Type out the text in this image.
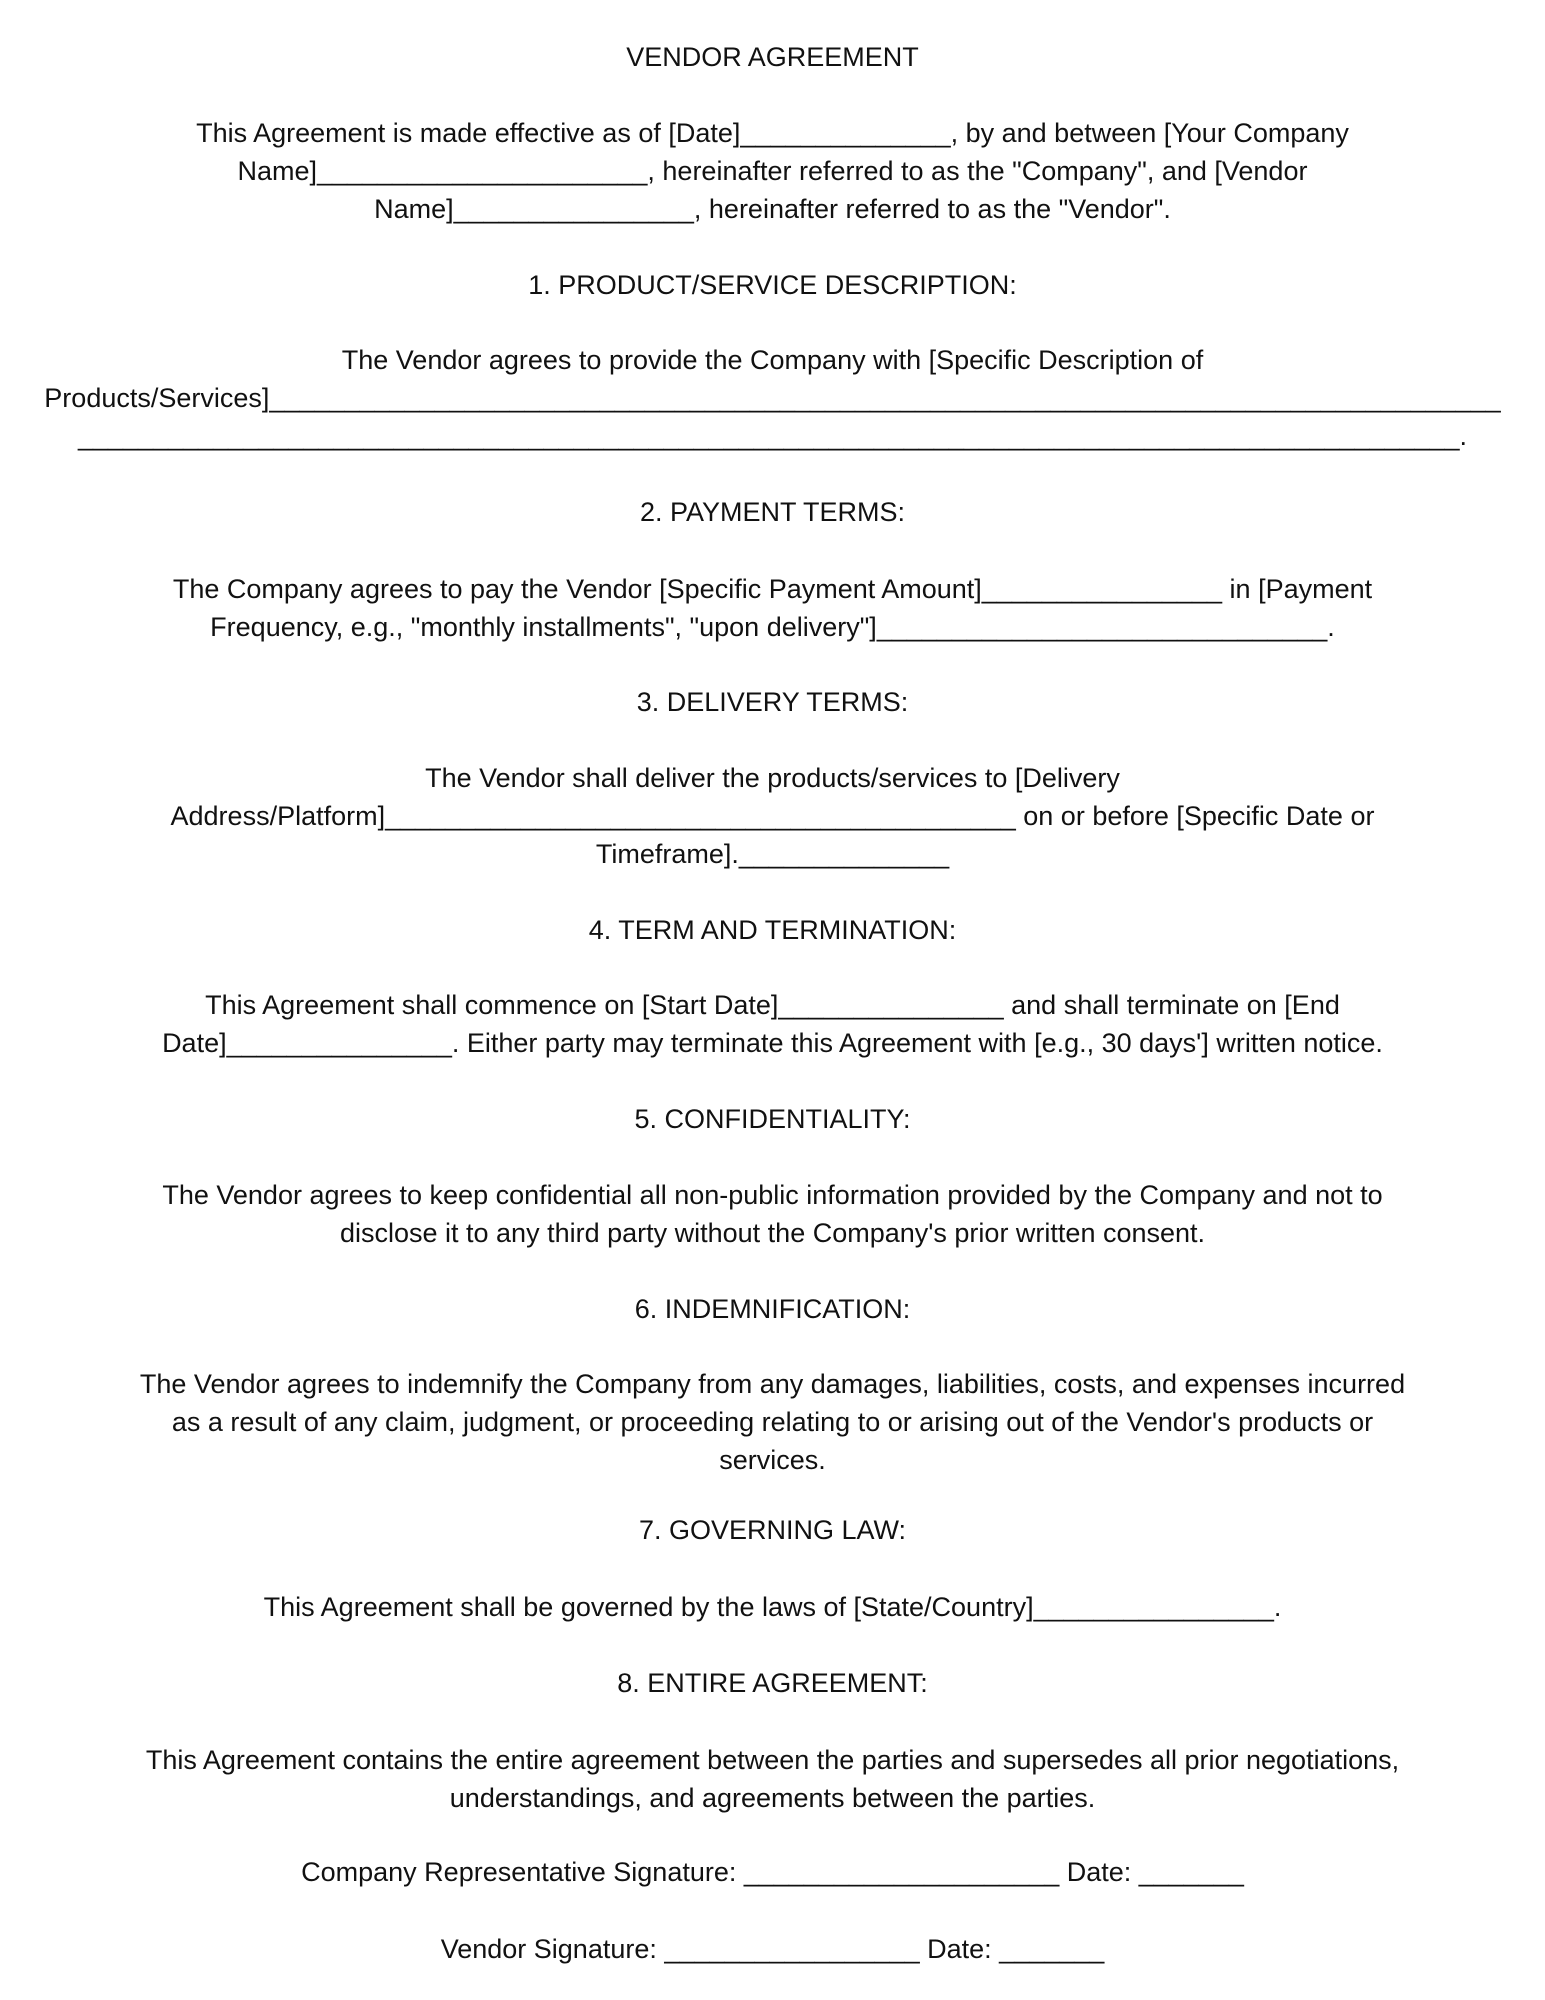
VENDOR AGREEMENT
This Agreement is made effective as of [Date]______________, by and between [Your Company
Name]______________________, hereinafter referred to as the "Company", and [Vendor
Name]________________, hereinafter referred to as the "Vendor".
1. PRODUCT/SERVICE DESCRIPTION:
The Vendor agrees to provide the Company with [Specific Description of
Products/Services]__________________________________________________________________________________
____________________________________________________________________________________________.
2. PAYMENT TERMS:
The Company agrees to pay the Vendor [Specific Payment Amount]________________ in [Payment
Frequency, e.g., "monthly installments", "upon delivery"]______________________________.
3. DELIVERY TERMS:
The Vendor shall deliver the products/services to [Delivery
Address/Platform]__________________________________________ on or before [Specific Date or
Timeframe].______________
4. TERM AND TERMINATION:
This Agreement shall commence on [Start Date]_______________ and shall terminate on [End
Date]_______________. Either party may terminate this Agreement with [e.g., 30 days'] written notice.
5. CONFIDENTIALITY:
The Vendor agrees to keep confidential all non-public information provided by the Company and not to
disclose it to any third party without the Company's prior written consent.
6. INDEMNIFICATION:
The Vendor agrees to indemnify the Company from any damages, liabilities, costs, and expenses incurred
as a result of any claim, judgment, or proceeding relating to or arising out of the Vendor's products or
services.
7. GOVERNING LAW:
This Agreement shall be governed by the laws of [State/Country]________________.
8. ENTIRE AGREEMENT:
This Agreement contains the entire agreement between the parties and supersedes all prior negotiations,
understandings, and agreements between the parties.
Company Representative Signature: _____________________ Date: _______
Vendor Signature: _________________ Date: _______
